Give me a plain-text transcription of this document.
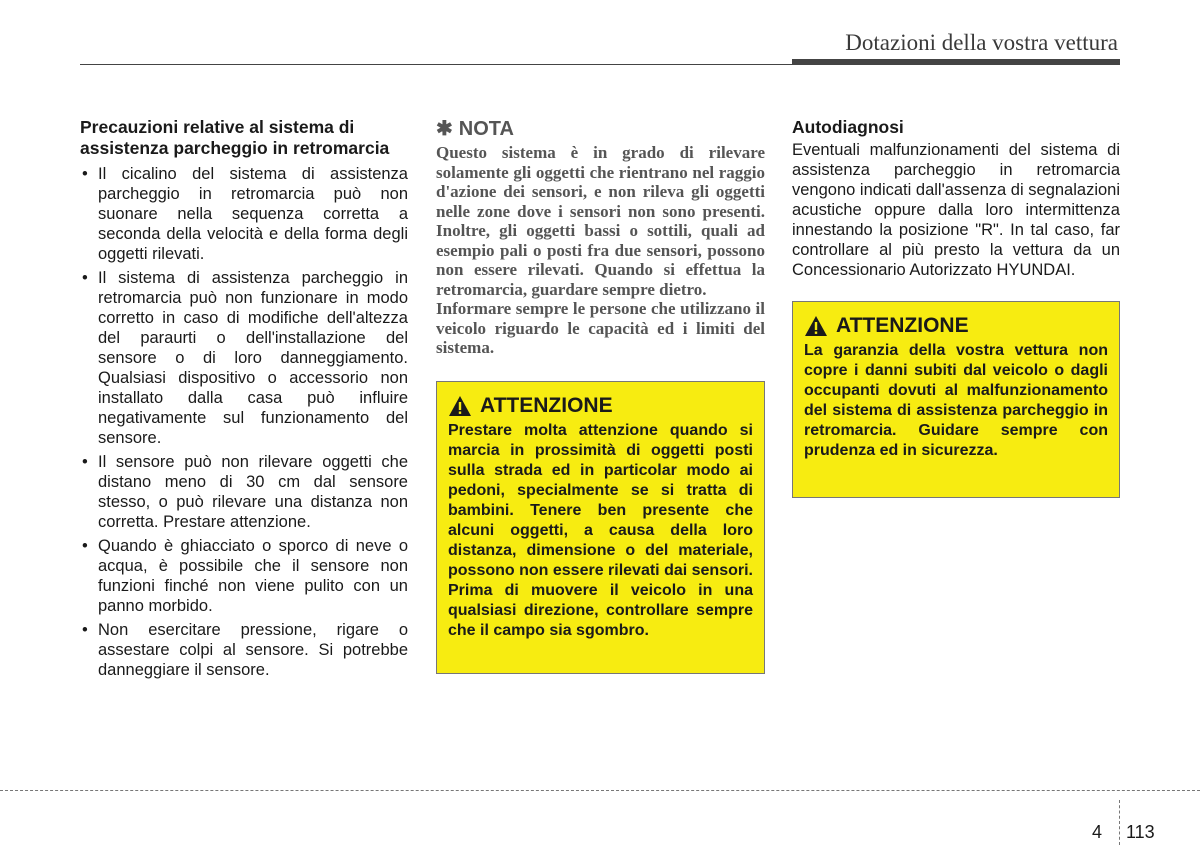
Dotazioni della vostra vettura
Precauzioni relative al sistema di assistenza parcheggio in retromarcia
• Il cicalino del sistema di assistenza parcheggio in retromarcia può non suonare nella sequenza corretta a seconda della velocità e della forma degli oggetti rilevati.
• Il sistema di assistenza parcheggio in retromarcia può non funzionare in modo corretto in caso di modifiche dell'altezza del paraurti o dell'installazione del sensore o di loro danneggiamento. Qualsiasi dispositivo o accessorio non installato dalla casa può influire negativamente sul funzionamento del sensore.
• Il sensore può non rilevare oggetti che distano meno di 30 cm dal sensore stesso, o può rilevare una distanza non corretta. Prestare attenzione.
• Quando è ghiacciato o sporco di neve o acqua, è possibile che il sensore non funzioni finché non viene pulito con un panno morbido.
• Non esercitare pressione, rigare o assestare colpi al sensore. Si potrebbe danneggiare il sensore.
✱ NOTA

Questo sistema è in grado di rilevare solamente gli oggetti che rientrano nel raggio d'azione dei sensori, e non rileva gli oggetti nelle zone dove i sensori non sono presenti. Inoltre, gli oggetti bassi o sottili, quali ad esempio pali o posti fra due sensori, possono non essere rilevati. Quando si effettua la retromarcia, guardare sempre dietro.

Informare sempre le persone che utilizzano il veicolo riguardo le capacità ed i limiti del sistema.

ATTENZIONE

Prestare molta attenzione quando si marcia in prossimità di oggetti posti sulla strada ed in particolar modo ai pedoni, specialmente se si tratta di bambini. Tenere ben presente che alcuni oggetti, a causa della loro distanza, dimensione o del materiale, possono non essere rilevati dai sensori. Prima di muovere il veicolo in una qualsiasi direzione, controllare sempre che il campo sia sgombro.

Autodiagnosi

Eventuali malfunzionamenti del sistema di assistenza parcheggio in retromarcia vengono indicati dall'assenza di segnalazioni acustiche oppure dalla loro intermittenza innestando la posizione "R". In tal caso, far controllare al più presto la vettura da un Concessionario Autorizzato HYUNDAI.

ATTENZIONE

La garanzia della vostra vettura non copre i danni subiti dal veicolo o dagli occupanti dovuti al malfunzionamento del sistema di assistenza parcheggio in retromarcia. Guidare sempre con prudenza ed in sicurezza.

4 113
